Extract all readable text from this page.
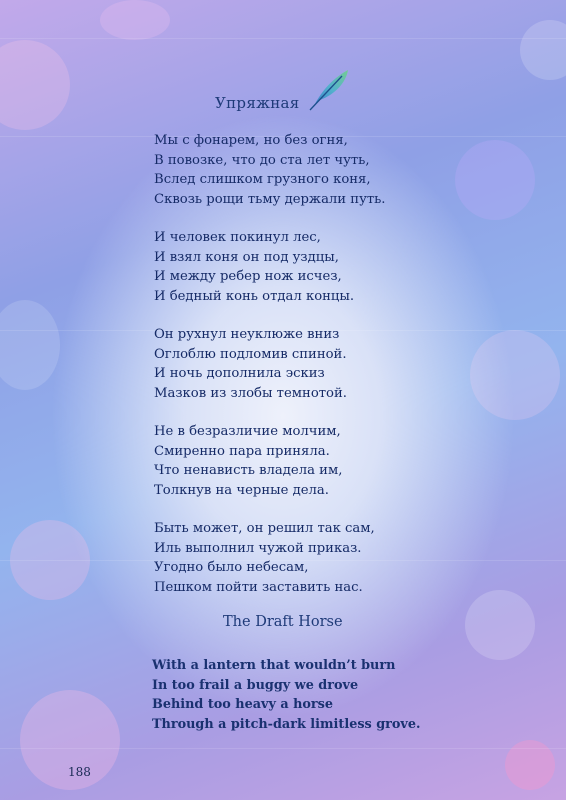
Упряжная

Мы с фонарем, но без огня,
В повозке, что до ста лет чуть,
Вслед слишком грузного коня,
Сквозь рощи тьму держали путь.

И человек покинул лес,
И взял коня он под уздцы,
И между ребер нож исчез,
И бедный конь отдал концы.

Он рухнул неуклюже вниз
Оглоблю подломив спиной.
И ночь дополнила эскиз
Мазков из злобы темнотой.

Не в безразличие молчим,
Смиренно пара приняла.
Что ненависть владела им,
Толкнув на черные дела.

Быть может, он решил так сам,
Иль выполнил чужой приказ.
Угодно было небесам,
Пешком пойти заставить нас.

The Draft Horse
With a lantern that wouldn’t burn
In too frail a buggy we drove
Behind too heavy a horse
Through a pitch-dark limitless grove.
188
